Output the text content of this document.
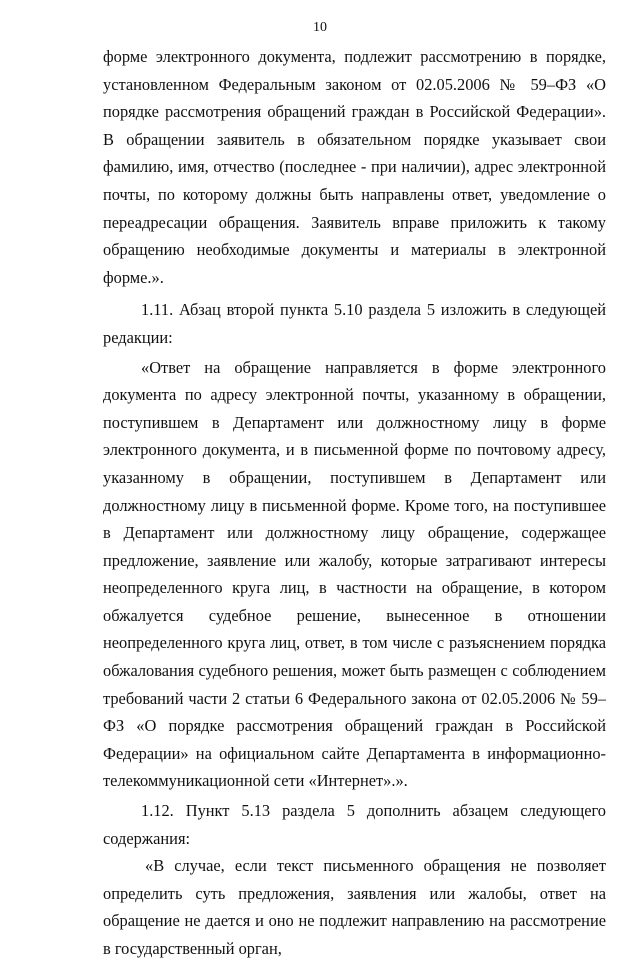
10

форме электронного документа, подлежит рассмотрению в порядке, установленном Федеральным законом от 02.05.2006 № 59–ФЗ «О порядке рассмотрения обращений граждан в Российской Федерации». В обращении заявитель в обязательном порядке указывает свои фамилию, имя, отчество (последнее - при наличии), адрес электронной почты, по которому должны быть направлены ответ, уведомление о переадресации обращения. Заявитель вправе приложить к такому обращению необходимые документы и материалы в электронной форме.».

1.11. Абзац второй пункта 5.10 раздела 5 изложить в следующей редакции:

«Ответ на обращение направляется в форме электронного документа по адресу электронной почты, указанному в обращении, поступившем в Департамент или должностному лицу в форме электронного документа, и в письменной форме по почтовому адресу, указанному в обращении, поступившем в Департамент или должностному лицу в письменной форме. Кроме того, на поступившее в Департамент или должностному лицу обращение, содержащее предложение, заявление или жалобу, которые затрагивают интересы неопределенного круга лиц, в частности на обращение, в котором обжалуется судебное решение, вынесенное в отношении неопределенного круга лиц, ответ, в том числе с разъяснением порядка обжалования судебного решения, может быть размещен с соблюдением требований части 2 статьи 6 Федерального закона от 02.05.2006 № 59–ФЗ «О порядке рассмотрения обращений граждан в Российской Федерации» на официальном сайте Департамента в информационно-телекоммуникационной сети «Интернет».».

1.12. Пункт 5.13 раздела 5 дополнить абзацем следующего содержания:

«В случае, если текст письменного обращения не позволяет определить суть предложения, заявления или жалобы, ответ на обращение не дается и оно не подлежит направлению на рассмотрение в государственный орган,
